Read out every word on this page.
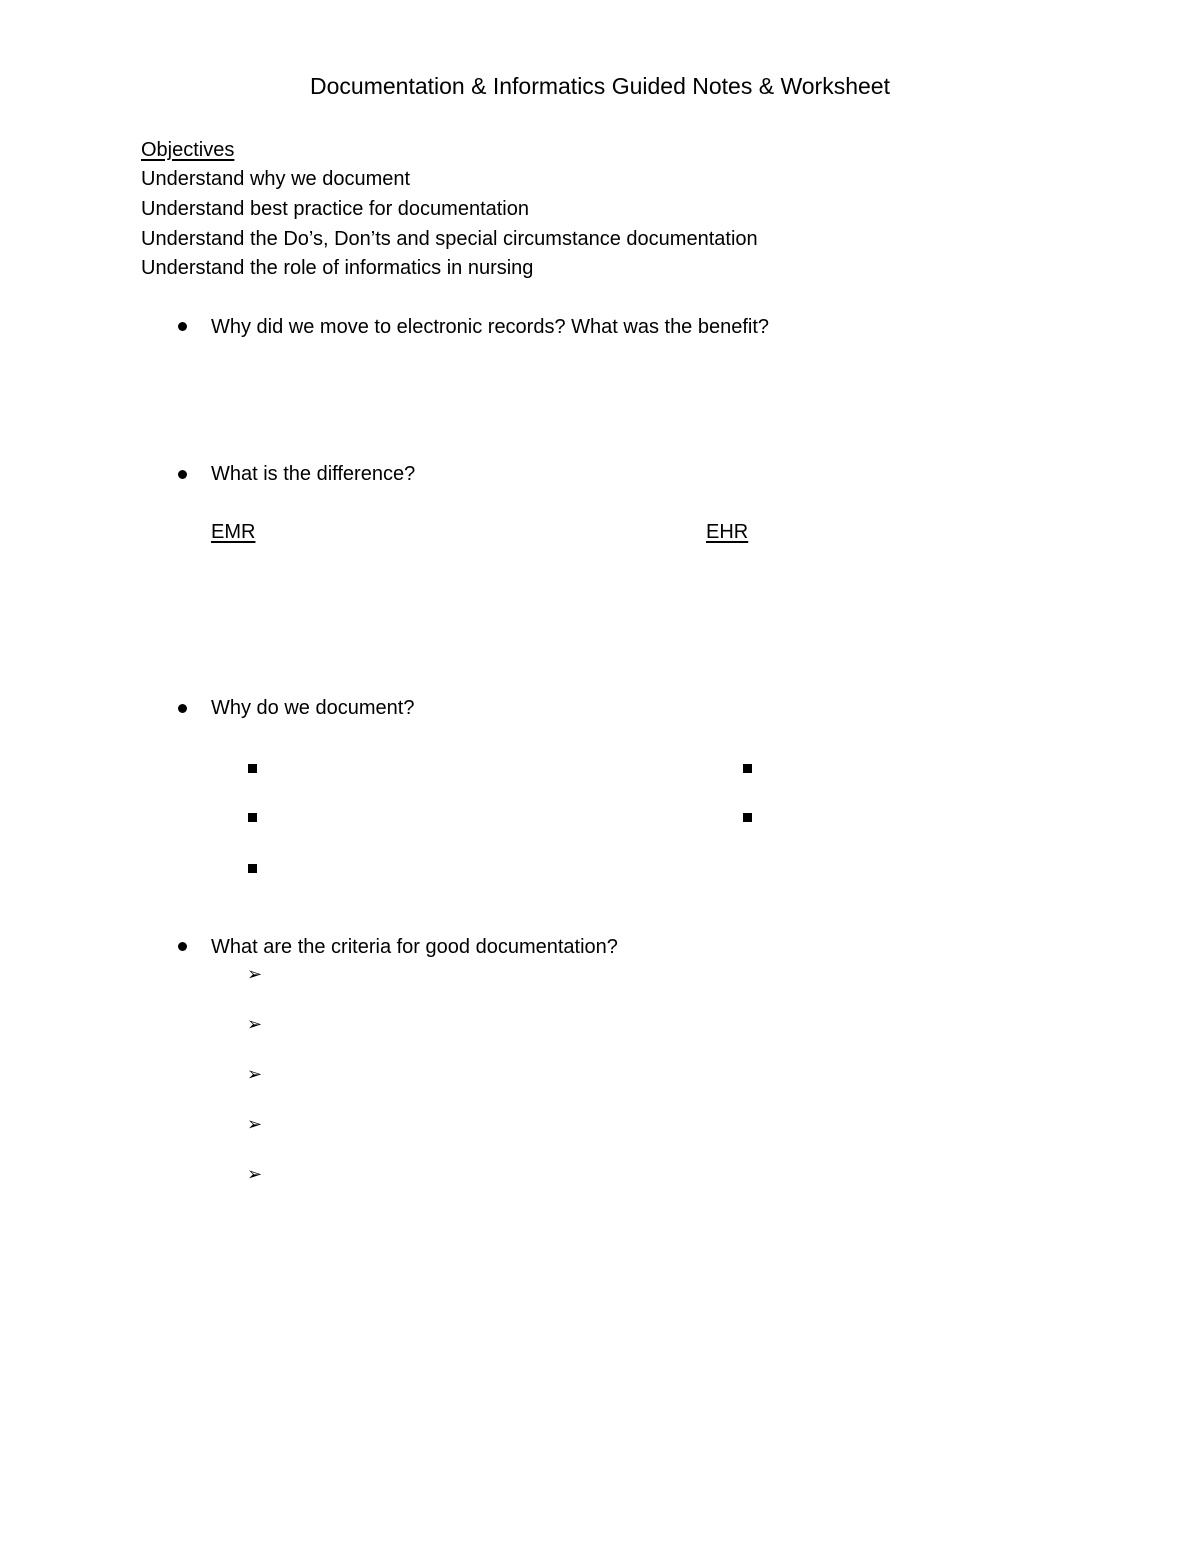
Documentation & Informatics Guided Notes & Worksheet
Objectives
Understand why we document
Understand best practice for documentation
Understand the Do’s, Don’ts and special circumstance documentation
Understand the role of informatics in nursing
Why did we move to electronic records? What was the benefit?
What is the difference?
EMR	EHR
Why do we document?
What are the criteria for good documentation?
➢
➢
➢
➢
➢
